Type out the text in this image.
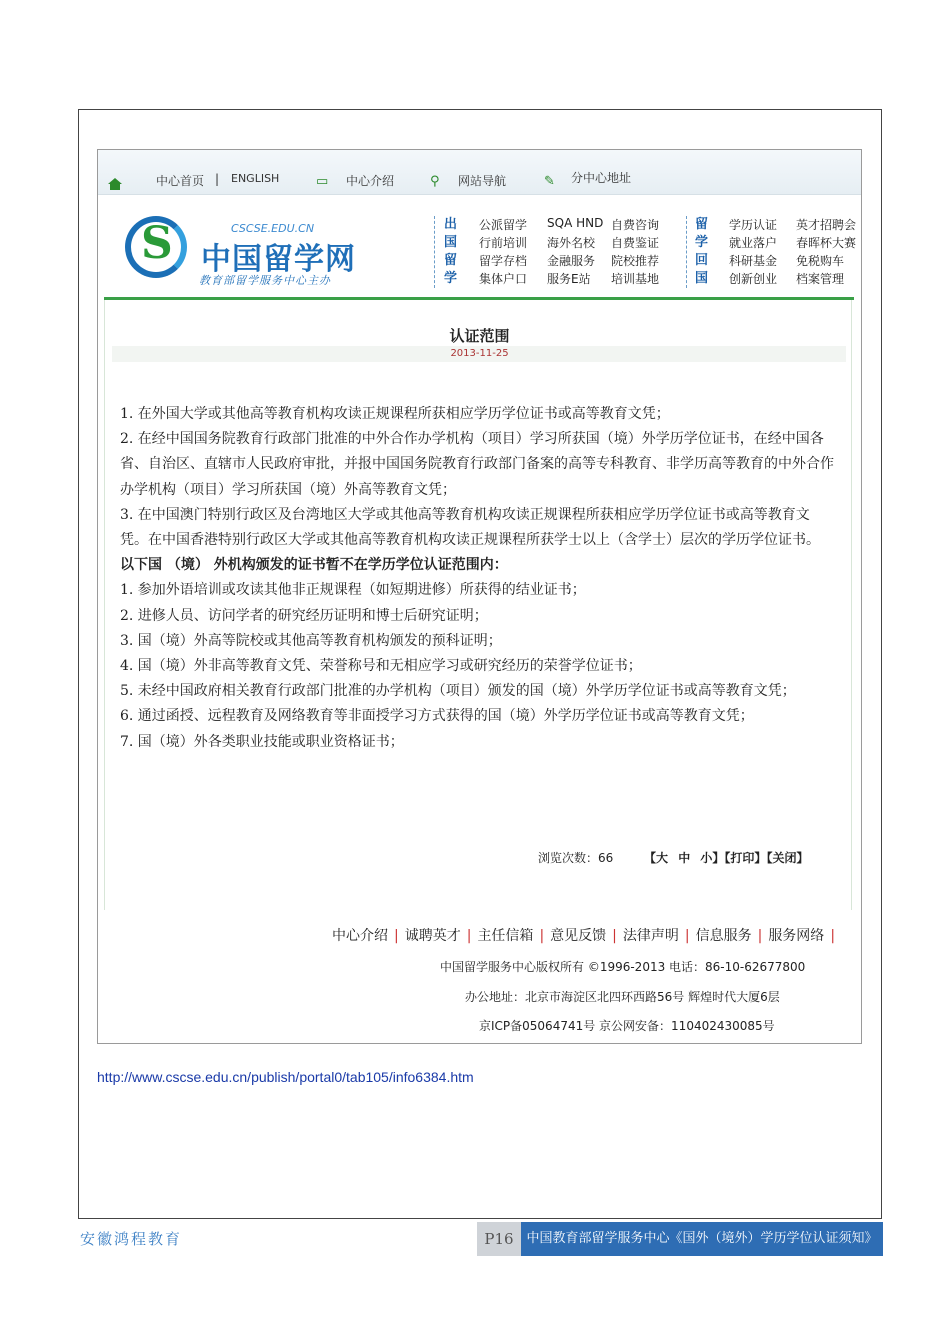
中心首页 | ENGLISH	▭ 中心介绍	⚲ 网站导航	✎ 分中心地址
S	CSCSE.EDU.CN
中国留学网
教育部留学服务中心主办
出
国
留
学
公派留学 SQA HND 自费咨询
行前培训 海外名校 自费鉴证
留学存档 金融服务 院校推荐
集体户口 服务E站 培训基地
留
学
回
国
学历认证 英才招聘会
就业落户 春晖杯大赛
科研基金 免税购车
创新创业 档案管理
认证范围
2013-11-25

1. 在外国大学或其他高等教育机构攻读正规课程所获相应学历学位证书或高等教育文凭；

2. 在经中国国务院教育行政部门批准的中外合作办学机构（项目）学习所获国（境）外学历学位证书，在经中国各省、自治区、直辖市人民政府审批，并报中国国务院教育行政部门备案的高等专科教育、非学历高等教育的中外合作办学机构（项目）学习所获国（境）外高等教育文凭；

3. 在中国澳门特别行政区及台湾地区大学或其他高等教育机构攻读正规课程所获相应学历学位证书或高等教育文凭。在中国香港特别行政区大学或其他高等教育机构攻读正规课程所获学士以上（含学士）层次的学历学位证书。

以下国 （境） 外机构颁发的证书暂不在学历学位认证范围内：

1. 参加外语培训或攻读其他非正规课程（如短期进修）所获得的结业证书；

2. 进修人员、访问学者的研究经历证明和博士后研究证明；

3. 国（境）外高等院校或其他高等教育机构颁发的预科证明；

4. 国（境）外非高等教育文凭、荣誉称号和无相应学习或研究经历的荣誉学位证书；

5. 未经中国政府相关教育行政部门批准的办学机构（项目）颁发的国（境）外学历学位证书或高等教育文凭；

6. 通过函授、远程教育及网络教育等非面授学习方式获得的国（境）外学历学位证书或高等教育文凭；

7. 国（境）外各类职业技能或职业资格证书；

浏览次数：66	【大 中 小】【打印】【关闭】
中心介绍 | 诚聘英才 | 主任信箱 | 意见反馈 | 法律声明 | 信息服务 | 服务网络 |
中国留学服务中心版权所有 ©1996-2013 电话：86-10-62677800
办公地址：北京市海淀区北四环西路56号 辉煌时代大厦6层
京ICP备05064741号 京公网安备：110402430085号
http://www.cscse.edu.cn/publish/portal0/tab105/info6384.htm
安徽鸿程教育	P16 中国教育部留学服务中心《国外（境外）学历学位认证须知》
